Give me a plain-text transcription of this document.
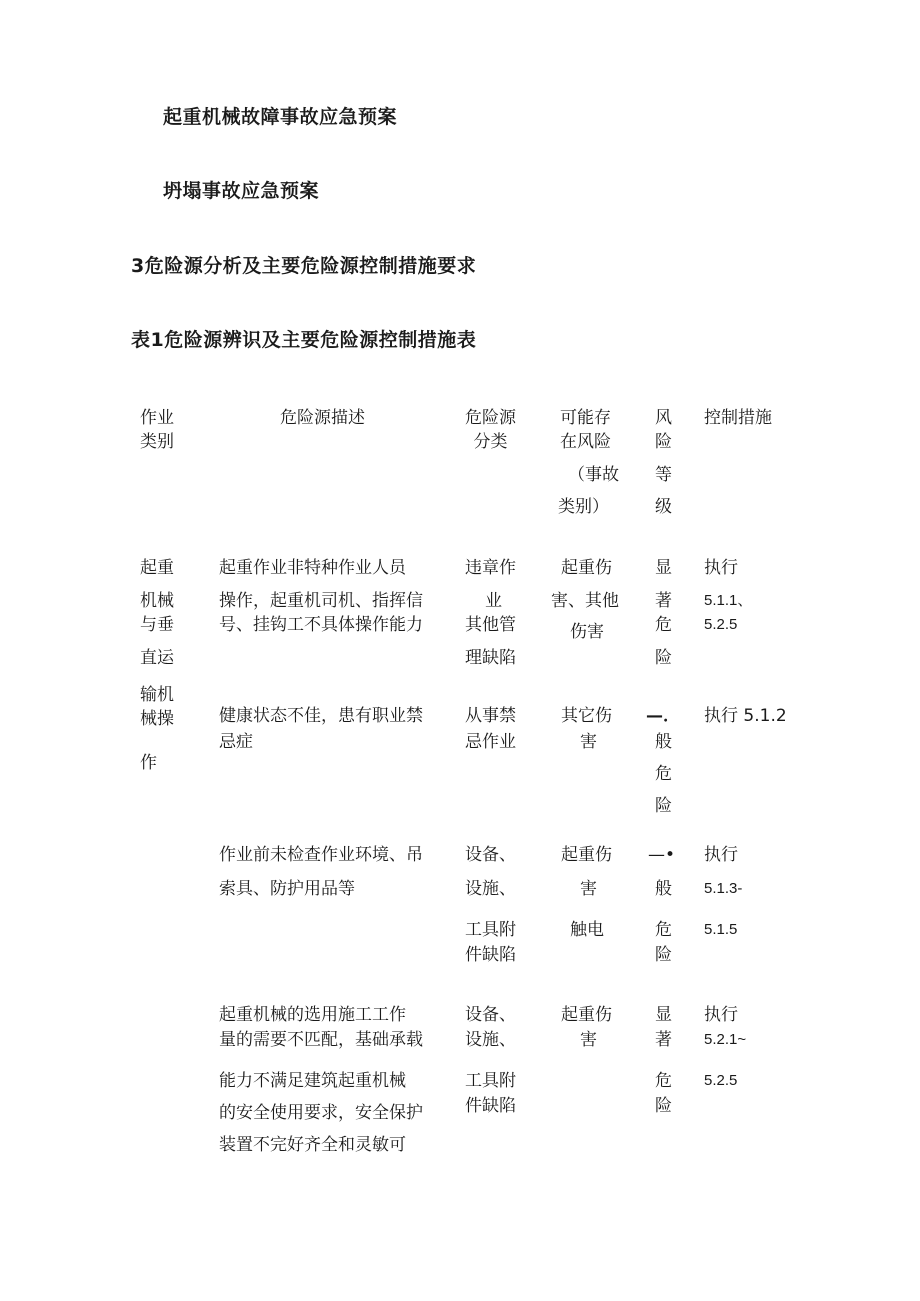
起重机械故障事故应急预案
坍塌事故应急预案
3危险源分析及主要危险源控制措施要求
表1危险源辨识及主要危险源控制措施表
作业
类别
危险源描述	危险源
分类
可能存
在风险
（事故
类别）
风
险
等
级
控制措施
起重
机械
与垂
直运
输机
械操
作
起重作业非特种作业人员
操作，起重机司机、指挥信
号、挂钩工不具体操作能力
违章作
业
其他管
理缺陷
起重伤
害、其他
伤害
显
著
危
险
执行
5.1.1、
5.2.5
健康状态不佳，患有职业禁
忌症
从事禁
忌作业
其它伤
害
—．
般
危
险
执行 5.1.2
作业前未检查作业环境、吊
索具、防护用品等
设备、
设施、
工具附
件缺陷
起重伤
害
触电
—•
般
危
险
执行
5.1.3-
5.1.5
起重机械的选用施工工作
量的需要不匹配，基础承载
能力不满足建筑起重机械
的安全使用要求，安全保护
装置不完好齐全和灵敏可
设备、
设施、
工具附
件缺陷
起重伤
害
显
著
危
险
执行
5.2.1~
5.2.5
